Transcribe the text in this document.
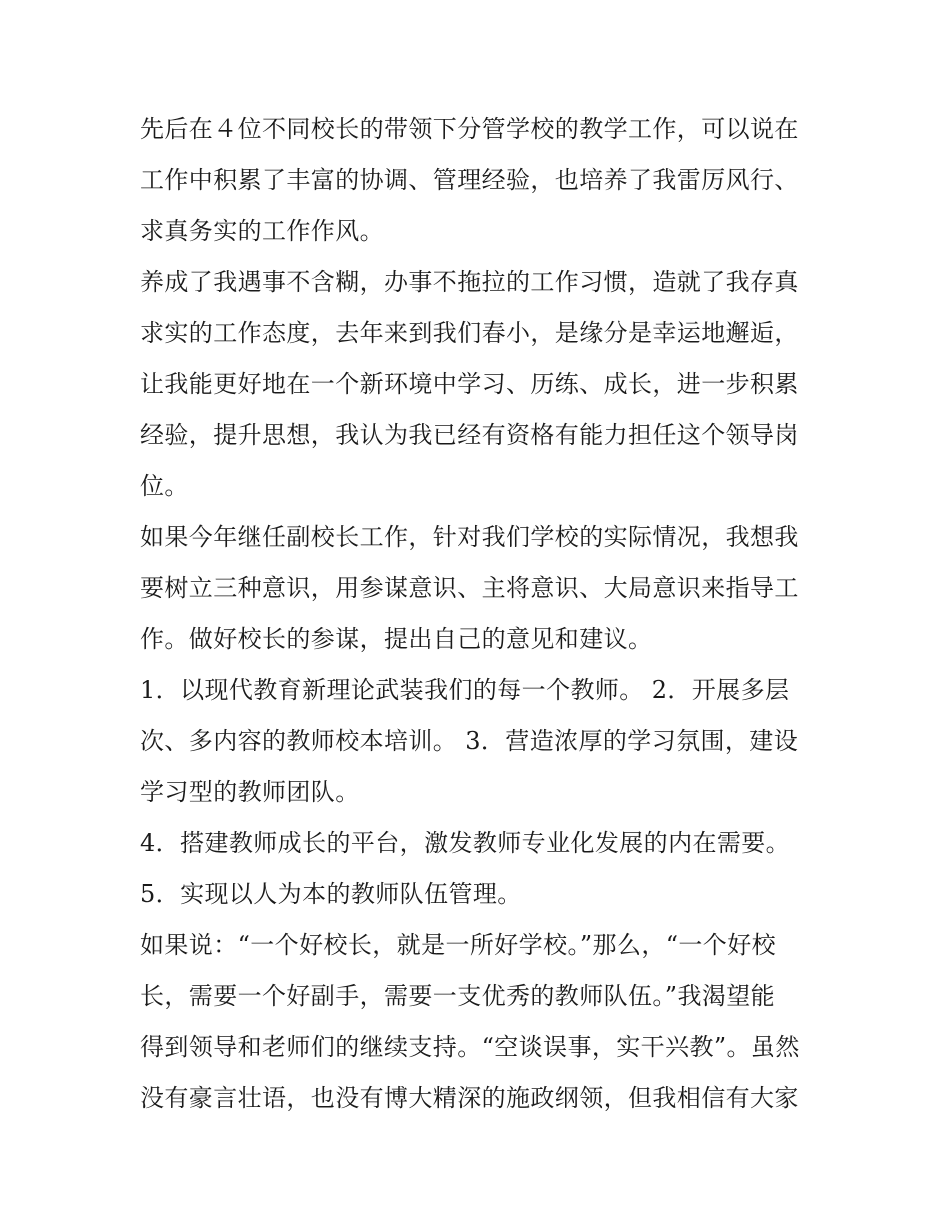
先后在４位不同校长的带领下分管学校的教学工作，可以说在
工作中积累了丰富的协调、管理经验，也培养了我雷厉风行、
求真务实的工作作风。
养成了我遇事不含糊，办事不拖拉的工作习惯，造就了我存真
求实的工作态度，去年来到我们春小，是缘分是幸运地邂逅，
让我能更好地在一个新环境中学习、历练、成长，进一步积累
经验，提升思想，我认为我已经有资格有能力担任这个领导岗
位。
如果今年继任副校长工作，针对我们学校的实际情况，我想我
要树立三种意识，用参谋意识、主将意识、大局意识来指导工
作。做好校长的参谋，提出自己的意见和建议。
1．以现代教育新理论武装我们的每一个教师。 2．开展多层
次、多内容的教师校本培训。 3．营造浓厚的学习氛围，建设
学习型的教师团队。
4．搭建教师成长的平台，激发教师专业化发展的内在需要。
5．实现以人为本的教师队伍管理。
如果说：“一个好校长，就是一所好学校。”那么，“一个好校
长，需要一个好副手，需要一支优秀的教师队伍。”我渴望能
得到领导和老师们的继续支持。“空谈误事，实干兴教”。虽然
没有豪言壮语，也没有博大精深的施政纲领，但我相信有大家
